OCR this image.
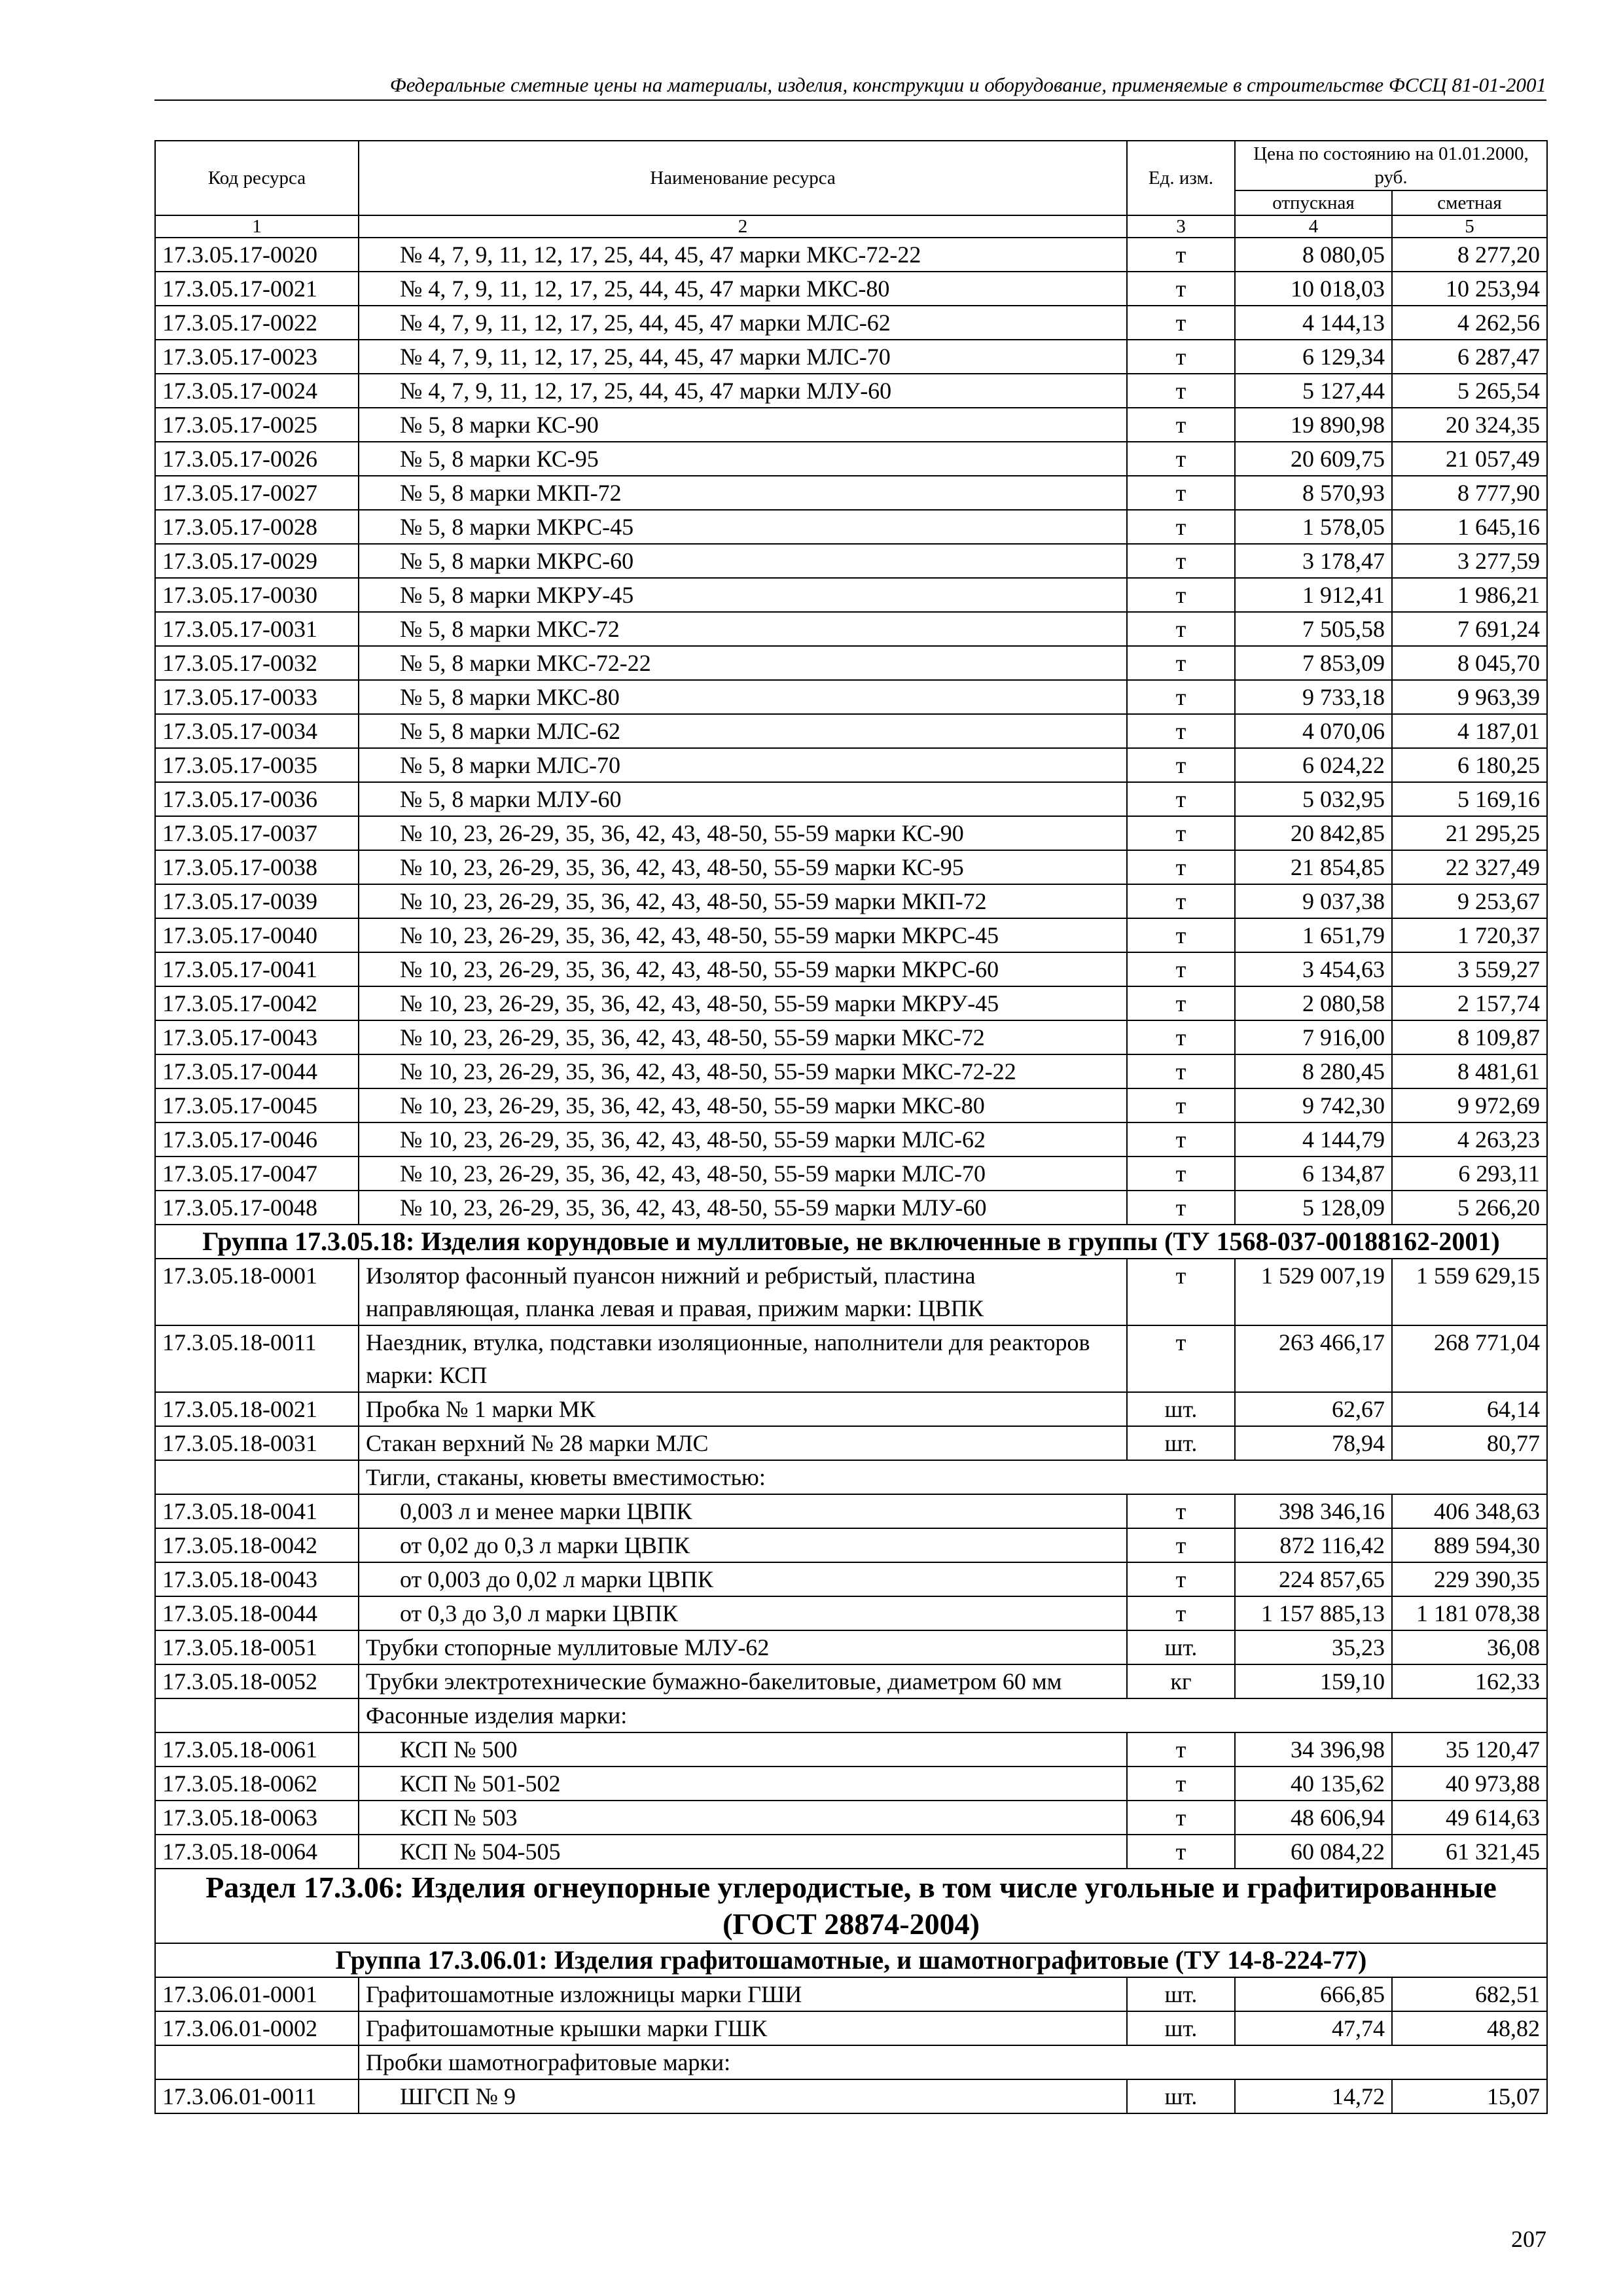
Федеральные сметные цены на материалы, изделия, конструкции и оборудование, применяемые в строительстве ФССЦ 81-01-2001
Код ресурса	Наименование ресурса	Ед. изм.	Цена по состоянию на 01.01.2000, руб.	
			отпускная	сметная
1	2	3	4	5
17.3.05.17-0020	№ 4, 7, 9, 11, 12, 17, 25, 44, 45, 47 марки МКС-72-22	т	8 080,05	8 277,20
17.3.05.17-0021	№ 4, 7, 9, 11, 12, 17, 25, 44, 45, 47 марки МКС-80	т	10 018,03	10 253,94
17.3.05.17-0022	№ 4, 7, 9, 11, 12, 17, 25, 44, 45, 47 марки МЛС-62	т	4 144,13	4 262,56
17.3.05.17-0023	№ 4, 7, 9, 11, 12, 17, 25, 44, 45, 47 марки МЛС-70	т	6 129,34	6 287,47
17.3.05.17-0024	№ 4, 7, 9, 11, 12, 17, 25, 44, 45, 47 марки МЛУ-60	т	5 127,44	5 265,54
17.3.05.17-0025	№ 5, 8 марки КС-90	т	19 890,98	20 324,35
17.3.05.17-0026	№ 5, 8 марки КС-95	т	20 609,75	21 057,49
17.3.05.17-0027	№ 5, 8 марки МКП-72	т	8 570,93	8 777,90
17.3.05.17-0028	№ 5, 8 марки МКРС-45	т	1 578,05	1 645,16
17.3.05.17-0029	№ 5, 8 марки МКРС-60	т	3 178,47	3 277,59
17.3.05.17-0030	№ 5, 8 марки МКРУ-45	т	1 912,41	1 986,21
17.3.05.17-0031	№ 5, 8 марки МКС-72	т	7 505,58	7 691,24
17.3.05.17-0032	№ 5, 8 марки МКС-72-22	т	7 853,09	8 045,70
17.3.05.17-0033	№ 5, 8 марки МКС-80	т	9 733,18	9 963,39
17.3.05.17-0034	№ 5, 8 марки МЛС-62	т	4 070,06	4 187,01
17.3.05.17-0035	№ 5, 8 марки МЛС-70	т	6 024,22	6 180,25
17.3.05.17-0036	№ 5, 8 марки МЛУ-60	т	5 032,95	5 169,16
17.3.05.17-0037	№ 10, 23, 26-29, 35, 36, 42, 43, 48-50, 55-59 марки КС-90	т	20 842,85	21 295,25
17.3.05.17-0038	№ 10, 23, 26-29, 35, 36, 42, 43, 48-50, 55-59 марки КС-95	т	21 854,85	22 327,49
17.3.05.17-0039	№ 10, 23, 26-29, 35, 36, 42, 43, 48-50, 55-59 марки МКП-72	т	9 037,38	9 253,67
17.3.05.17-0040	№ 10, 23, 26-29, 35, 36, 42, 43, 48-50, 55-59 марки МКРС-45	т	1 651,79	1 720,37
17.3.05.17-0041	№ 10, 23, 26-29, 35, 36, 42, 43, 48-50, 55-59 марки МКРС-60	т	3 454,63	3 559,27
17.3.05.17-0042	№ 10, 23, 26-29, 35, 36, 42, 43, 48-50, 55-59 марки МКРУ-45	т	2 080,58	2 157,74
17.3.05.17-0043	№ 10, 23, 26-29, 35, 36, 42, 43, 48-50, 55-59 марки МКС-72	т	7 916,00	8 109,87
17.3.05.17-0044	№ 10, 23, 26-29, 35, 36, 42, 43, 48-50, 55-59 марки МКС-72-22	т	8 280,45	8 481,61
17.3.05.17-0045	№ 10, 23, 26-29, 35, 36, 42, 43, 48-50, 55-59 марки МКС-80	т	9 742,30	9 972,69
17.3.05.17-0046	№ 10, 23, 26-29, 35, 36, 42, 43, 48-50, 55-59 марки МЛС-62	т	4 144,79	4 263,23
17.3.05.17-0047	№ 10, 23, 26-29, 35, 36, 42, 43, 48-50, 55-59 марки МЛС-70	т	6 134,87	6 293,11
17.3.05.17-0048	№ 10, 23, 26-29, 35, 36, 42, 43, 48-50, 55-59 марки МЛУ-60	т	5 128,09	5 266,20
Группа 17.3.05.18: Изделия корундовые и муллитовые, не включенные в группы (ТУ 1568-037-00188162-2001)				
17.3.05.18-0001	Изолятор фасонный пуансон нижний и ребристый, пластина направляющая, планка левая и правая, прижим марки: ЦВПК	т	1 529 007,19	1 559 629,15
17.3.05.18-0011	Наездник, втулка, подставки изоляционные, наполнители для реакторов марки: КСП	т	263 466,17	268 771,04
17.3.05.18-0021	Пробка № 1 марки МК	шт.	62,67	64,14
17.3.05.18-0031	Стакан верхний № 28 марки МЛС	шт.	78,94	80,77
	Тигли, стаканы, кюветы вместимостью:			
17.3.05.18-0041	0,003 л и менее марки ЦВПК	т	398 346,16	406 348,63
17.3.05.18-0042	от 0,02 до 0,3 л марки ЦВПК	т	872 116,42	889 594,30
17.3.05.18-0043	от 0,003 до 0,02 л марки ЦВПК	т	224 857,65	229 390,35
17.3.05.18-0044	от 0,3 до 3,0 л марки ЦВПК	т	1 157 885,13	1 181 078,38
17.3.05.18-0051	Трубки стопорные муллитовые МЛУ-62	шт.	35,23	36,08
17.3.05.18-0052	Трубки электротехнические бумажно-бакелитовые, диаметром 60 мм	кг	159,10	162,33
	Фасонные изделия марки:			
17.3.05.18-0061	КСП № 500	т	34 396,98	35 120,47
17.3.05.18-0062	КСП № 501-502	т	40 135,62	40 973,88
17.3.05.18-0063	КСП № 503	т	48 606,94	49 614,63
17.3.05.18-0064	КСП № 504-505	т	60 084,22	61 321,45
Раздел 17.3.06: Изделия огнеупорные углеродистые, в том числе угольные и графитированные (ГОСТ 28874-2004)				
Группа 17.3.06.01: Изделия графитошамотные, и шамотнографитовые (ТУ 14-8-224-77)				
17.3.06.01-0001	Графитошамотные изложницы марки ГШИ	шт.	666,85	682,51
17.3.06.01-0002	Графитошамотные крышки марки ГШК	шт.	47,74	48,82
	Пробки шамотнографитовые марки:			
17.3.06.01-0011	ШГСП № 9	шт.	14,72	15,07
207
